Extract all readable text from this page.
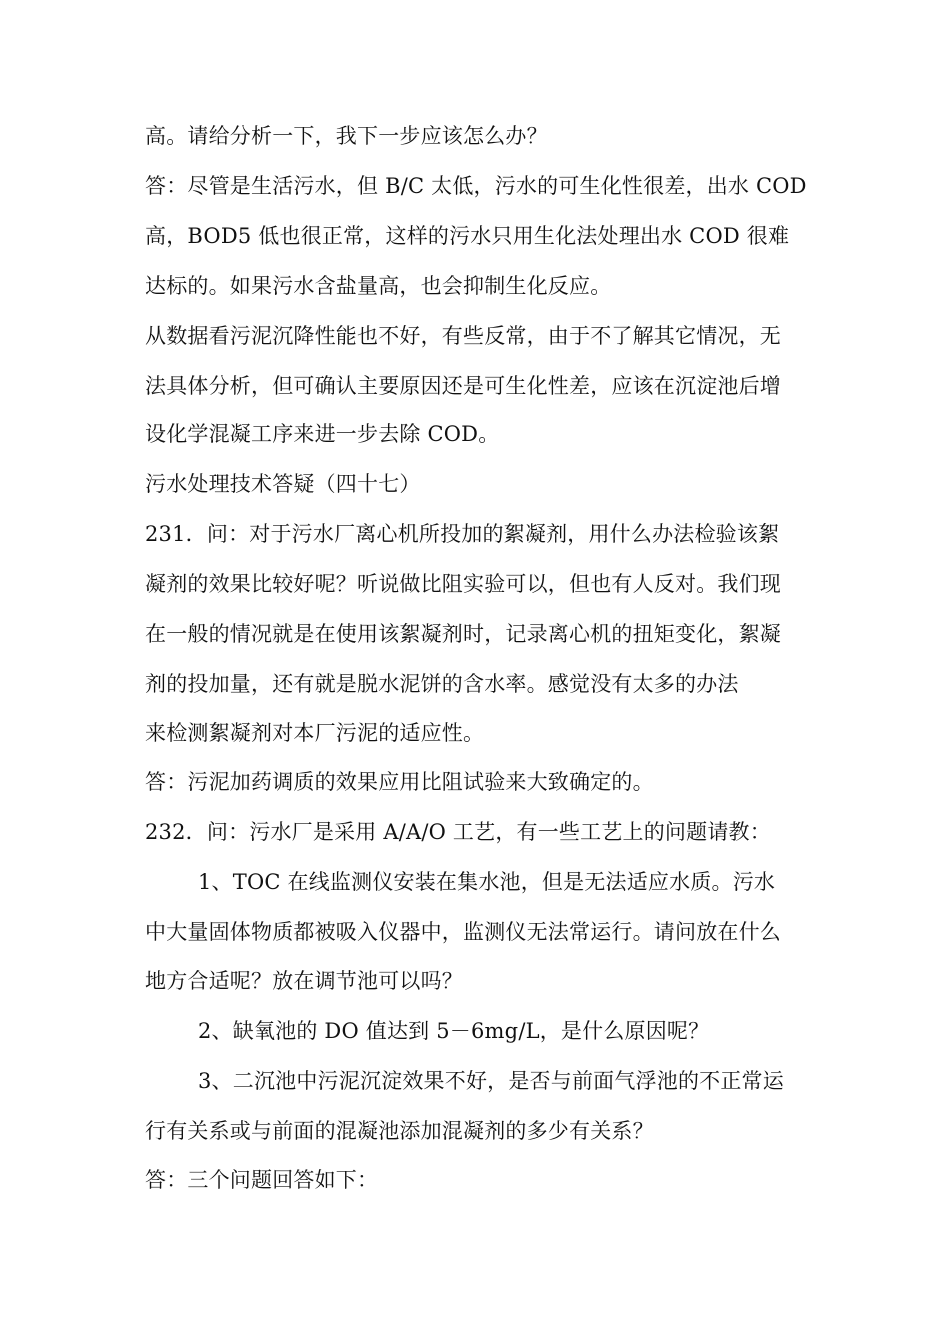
高。请给分析一下，我下一步应该怎么办？
答：尽管是生活污水，但 B/C 太低，污水的可生化性很差，出水 COD
高，BOD5 低也很正常，这样的污水只用生化法处理出水 COD 很难
达标的。如果污水含盐量高，也会抑制生化反应。
从数据看污泥沉降性能也不好，有些反常，由于不了解其它情况，无
法具体分析，但可确认主要原因还是可生化性差，应该在沉淀池后增
设化学混凝工序来进一步去除 COD。
污水处理技术答疑（四十七）
231．问：对于污水厂离心机所投加的絮凝剂，用什么办法检验该絮
凝剂的效果比较好呢？听说做比阻实验可以，但也有人反对。我们现
在一般的情况就是在使用该絮凝剂时，记录离心机的扭矩变化，絮凝
剂的投加量，还有就是脱水泥饼的含水率。感觉没有太多的办法
来检测絮凝剂对本厂污泥的适应性。
答：污泥加药调质的效果应用比阻试验来大致确定的。
232．问：污水厂是采用 A/A/O 工艺，有一些工艺上的问题请教：
1、TOC 在线监测仪安装在集水池，但是无法适应水质。污水
中大量固体物质都被吸入仪器中，监测仪无法常运行。请问放在什么
地方合适呢？放在调节池可以吗？
2、缺氧池的 DO 值达到 5－6mg/L，是什么原因呢？
3、二沉池中污泥沉淀效果不好，是否与前面气浮池的不正常运
行有关系或与前面的混凝池添加混凝剂的多少有关系？
答：三个问题回答如下：
